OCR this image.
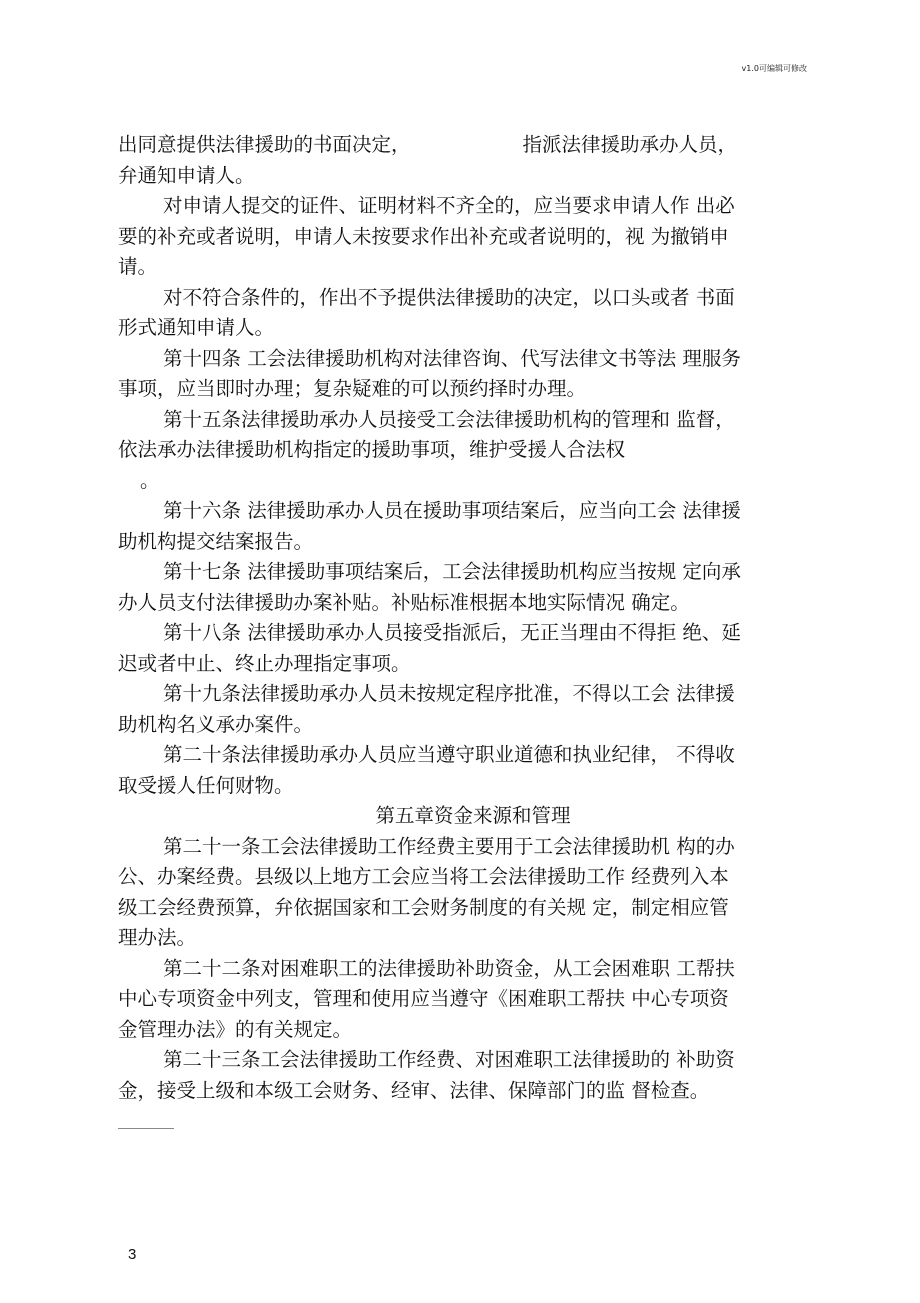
v1.0可编辑可修改
出同意提供法律援助的书面决定，	指派法律援助承办人员，
弁通知申请人。
对申请人提交的证件、证明材料不齐全的，应当要求申请人作 出必
要的补充或者说明，申请人未按要求作出补充或者说明的，视 为撤销申
请。
对不符合条件的，作出不予提供法律援助的决定，以口头或者 书面
形式通知申请人。
第十四条 工会法律援助机构对法律咨询、代写法律文书等法 理服务
事项，应当即时办理；复杂疑难的可以预约择时办理。
第十五条法律援助承办人员接受工会法律援助机构的管理和 监督，
依法承办法律援助机构指定的援助事项，维护受援人合法权
。
第十六条 法律援助承办人员在援助事项结案后，应当向工会 法律援
助机构提交结案报告。
第十七条 法律援助事项结案后，工会法律援助机构应当按规 定向承
办人员支付法律援助办案补贴。补贴标准根据本地实际情况 确定。
第十八条 法律援助承办人员接受指派后，无正当理由不得拒 绝、延
迟或者中止、终止办理指定事项。
第十九条法律援助承办人员未按规定程序批准，不得以工会 法律援
助机构名义承办案件。
第二十条法律援助承办人员应当遵守职业道德和执业纪律， 不得收
取受援人任何财物。
第五章资金来源和管理
第二十一条工会法律援助工作经费主要用于工会法律援助机 构的办
公、办案经费。县级以上地方工会应当将工会法律援助工作 经费列入本
级工会经费预算，弁依据国家和工会财务制度的有关规 定，制定相应管
理办法。
第二十二条对困难职工的法律援助补助资金，从工会困难职 工帮扶
中心专项资金中列支，管理和使用应当遵守《困难职工帮扶 中心专项资
金管理办法》的有关规定。
第二十三条工会法律援助工作经费、对困难职工法律援助的 补助资
金，接受上级和本级工会财务、经审、法律、保障部门的监 督检查。
3
